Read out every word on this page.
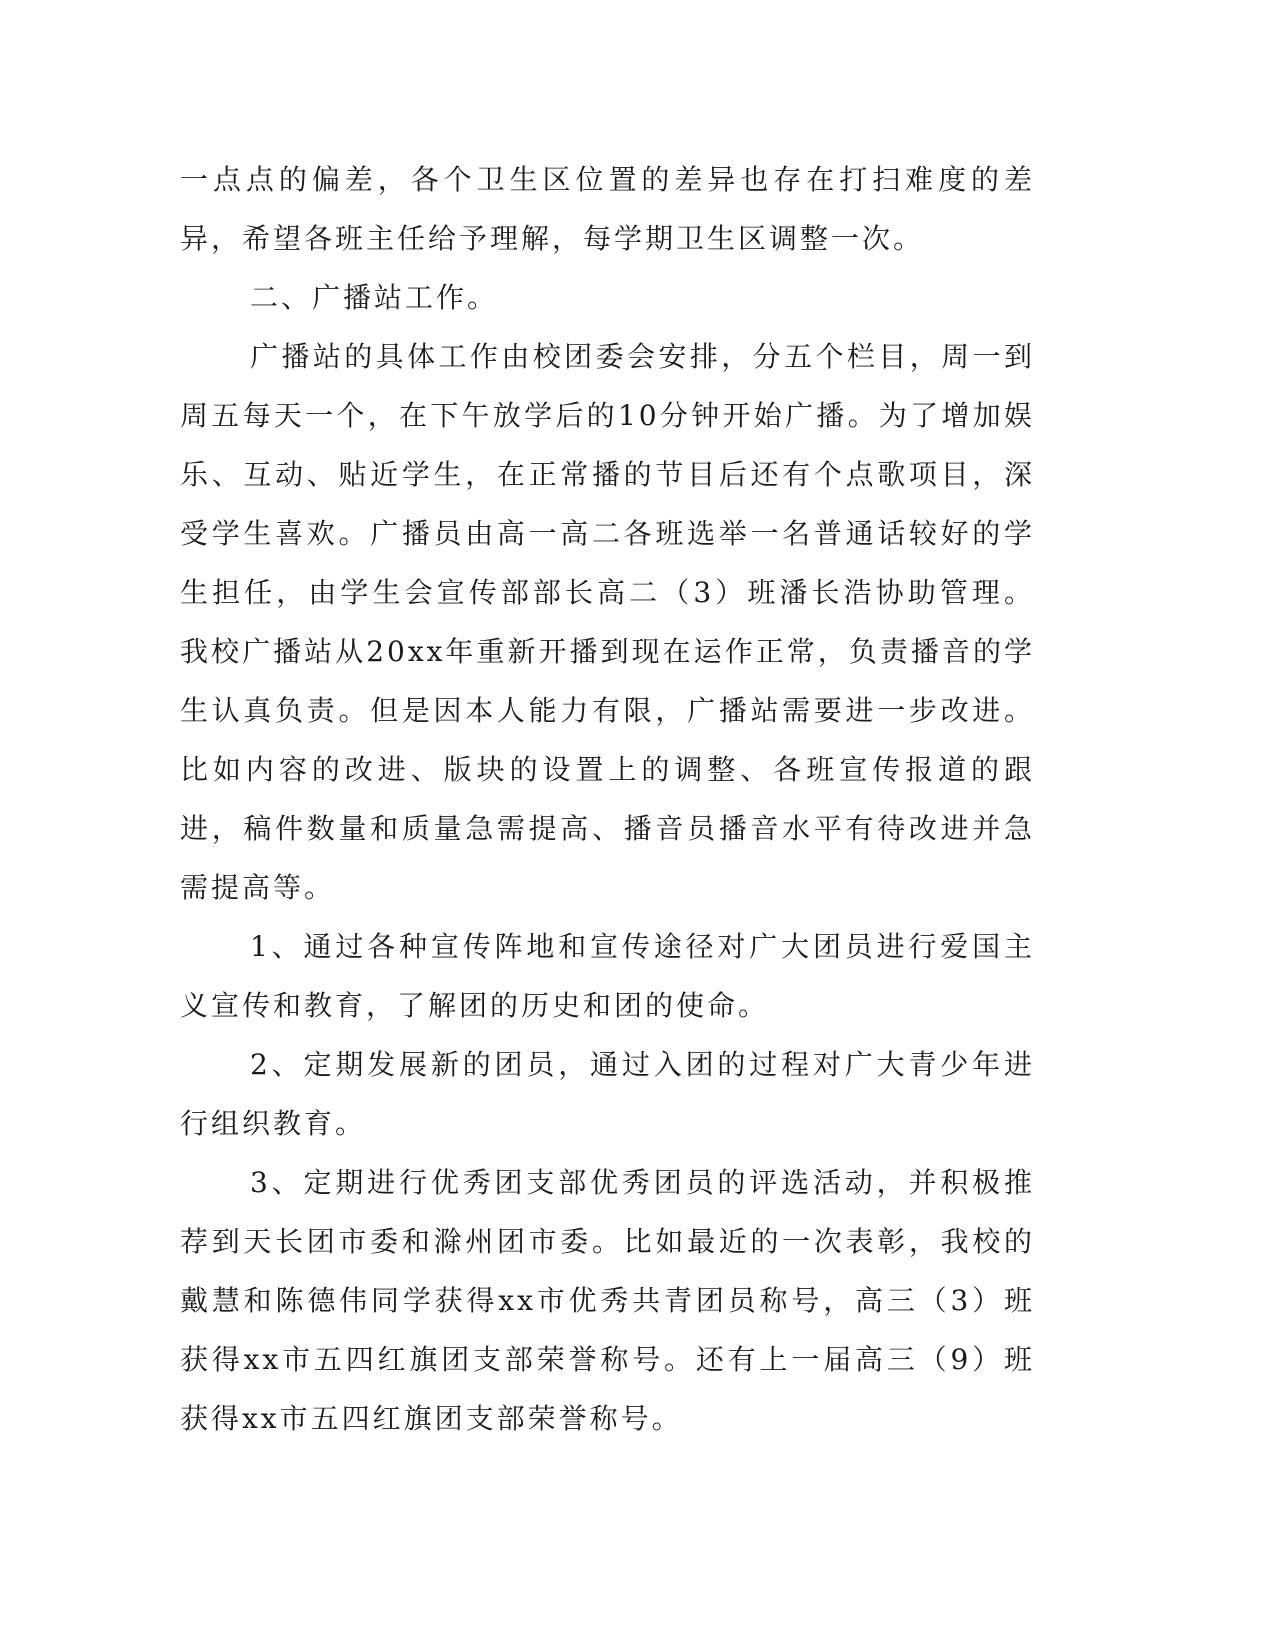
一点点的偏差，各个卫生区位置的差异也存在打扫难度的差异，希望各班主任给予理解，每学期卫生区调整一次。

二、广播站工作。

广播站的具体工作由校团委会安排，分五个栏目，周一到周五每天一个，在下午放学后的10分钟开始广播。为了增加娱乐、互动、贴近学生，在正常播的节目后还有个点歌项目，深受学生喜欢。广播员由高一高二各班选举一名普通话较好的学生担任，由学生会宣传部部长高二（3）班潘长浩协助管理。我校广播站从20xx年重新开播到现在运作正常，负责播音的学生认真负责。但是因本人能力有限，广播站需要进一步改进。比如内容的改进、版块的设置上的调整、各班宣传报道的跟进，稿件数量和质量急需提高、播音员播音水平有待改进并急需提高等。

1、通过各种宣传阵地和宣传途径对广大团员进行爱国主义宣传和教育，了解团的历史和团的使命。

2、定期发展新的团员，通过入团的过程对广大青少年进行组织教育。

3、定期进行优秀团支部优秀团员的评选活动，并积极推荐到天长团市委和滁州团市委。比如最近的一次表彰，我校的戴慧和陈德伟同学获得xx市优秀共青团员称号，高三（3）班获得xx市五四红旗团支部荣誉称号。还有上一届高三（9）班获得xx市五四红旗团支部荣誉称号。
